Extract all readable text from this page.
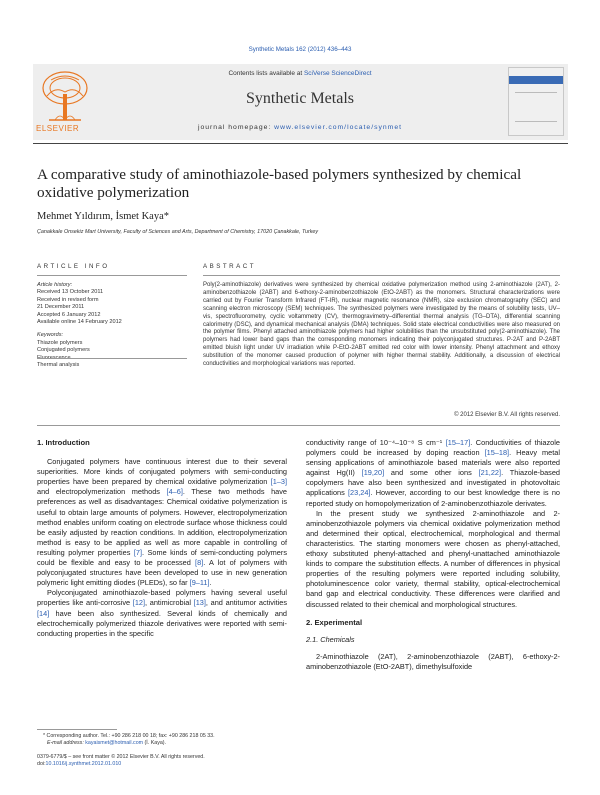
Synthetic Metals 162 (2012) 436–443
ELSEVIER
Contents lists available at SciVerse ScienceDirect
Synthetic Metals
journal homepage: www.elsevier.com/locate/synmet
A comparative study of aminothiazole-based polymers synthesized by chemical oxidative polymerization
Mehmet Yıldırım, İsmet Kaya*
Çanakkale Onsekiz Mart University, Faculty of Sciences and Arts, Department of Chemistry, 17020 Çanakkale, Turkey
ARTICLE INFO	ABSTRACT
Article history:
Received 13 October 2011
Received in revised form
21 December 2011
Accepted 6 January 2012
Available online 14 February 2012
Keywords:
Thiazole polymers
Conjugated polymers
Fluorescence
Thermal analysis
Poly(2-aminothiazole) derivatives were synthesized by chemical oxidative polymerization method using 2-aminothiazole (2AT), 2-aminobenzothiazole (2ABT) and 6-ethoxy-2-aminobenzothiazole (EtO-2ABT) as the monomers. Structural characterizations were carried out by Fourier Transform Infrared (FT-IR), nuclear magnetic resonance (NMR), size exclusion chromatography (SEC) and scanning electron microscopy (SEM) techniques. The synthesized polymers were investigated by the means of solubility tests, UV–vis, spectrofluorometry, cyclic voltammetry (CV), thermogravimetry–differential thermal analysis (TG–DTA), differential scanning calorimetry (DSC), and dynamical mechanical analysis (DMA) techniques. Solid state electrical conductivities were also measured on the polymer films. Phenyl attached aminothiazole polymers had higher solubilities than the unsubstituted poly(2-aminothiazole). The polymers had lower band gaps than the corresponding monomers indicating their polyconjugated structures. P-2AT and P-2ABT emitted bluish light under UV irradiation while P-EtO-2ABT emitted red color with lower intensity. Phenyl attachment and ethoxy substitution of the monomer caused production of polymer with higher thermal stability. Additionally, a discussion of electrical conductivities and morphological variations was reported.
© 2012 Elsevier B.V. All rights reserved.
1. Introduction

Conjugated polymers have continuous interest due to their several superiorities. More kinds of conjugated polymers with semi-conducting properties have been prepared by chemical oxidative polymerization [1–3] and electropolymerization methods [4–6]. These two methods have preferences as well as disadvantages: Chemical oxidative polymerization is useful to obtain large amounts of polymers. However, electropolymerization method enables uniform coating on electrode surface whose thickness could be easily adjusted by reaction conditions. In addition, electropolymerization method is easy to be applied as well as more capable in controlling of resulting polymer properties [7]. Some kinds of semi-conducting polymers could be flexible and easy to be processed [8]. A lot of polymers with polyconjugated structures have been developed to use in new generation polymeric light emitting diodes (PLEDs), so far [9–11].

Polyconjugated aminothiazole-based polymers having several useful properties like anti-corrosive [12], antimicrobial [13], and antitumor activities [14] have been also synthesized. Several kinds of chemically and electrochemically polymerized thiazole derivatives were reported with semi-conducting properties in the specific

conductivity range of 10⁻⁴–10⁻⁸ S cm⁻¹ [15–17]. Conductivities of thiazole polymers could be increased by doping reaction [15–18]. Heavy metal sensing applications of aminothiazole based materials were also reported against Hg(II) [19,20] and some other ions [21,22]. Thiazole-based copolymers have also been synthesized and investigated in photovoltaic applications [23,24]. However, according to our best knowledge there is no reported study on homopolymerization of 2-aminobenzothiazole derivates.

In the present study we synthesized 2-aminothiazole and 2-aminobenzothiazole polymers via chemical oxidative polymerization method and determined their optical, electrochemical, morphological and thermal characteristics. The starting monomers were chosen as phenyl-attached, ethoxy substituted phenyl-attached and phenyl-unattached aminothiazole kinds to compare the substitution effects. A number of differences in physical properties of the resulting polymers were reported including solubility, photoluminescence color variety, thermal stability, optical-electrochemical band gap and electrical conductivity. These differences were clarified and discussed related to their chemical and morphological structures.

2. Experimental
2.1. Chemicals

2-Aminothiazole (2AT), 2-aminobenzothiazole (2ABT), 6-ethoxy-2-aminobenzothiazole (EtO-2ABT), dimethylsulfoxide

* Corresponding author. Tel.: +90 286 218 00 18; fax: +90 286 218 05 33.
E-mail address: kayaismet@hotmail.com (İ. Kaya).
0379-6779/$ – see front matter © 2012 Elsevier B.V. All rights reserved.
doi:10.1016/j.synthmet.2012.01.010
